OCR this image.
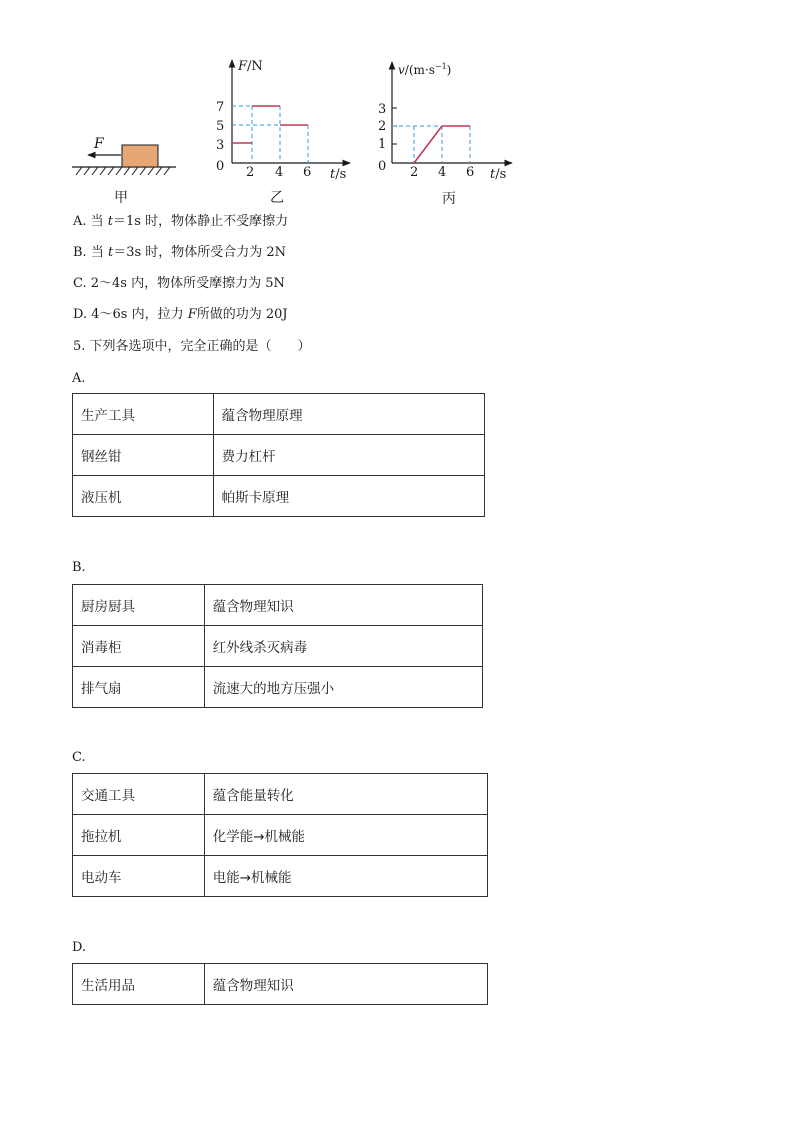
F
甲
F/N
t/s
0
7
5
3
2 4 6
乙
$v/(m\cdot s^{-1})$
t/s
0
3
2
1
2 4 6
丙
A. 当 t＝1s 时，物体静止不受摩擦力
B. 当 t＝3s 时，物体所受合力为 2N
C. 2～4s 内，物体所受摩擦力为 5N
D. 4～6s 内，拉力 F所做的功为 20J
5. 下列各选项中，完全正确的是（　　）
A.
生产工具	蕴含物理原理
钢丝钳	费力杠杆
液压机	帕斯卡原理
B.
厨房厨具	蕴含物理知识
消毒柜	红外线杀灭病毒
排气扇	流速大的地方压强小
C.
交通工具	蕴含能量转化
拖拉机	化学能→机械能
电动车	电能→机械能
D.
生活用品	蕴含物理知识
